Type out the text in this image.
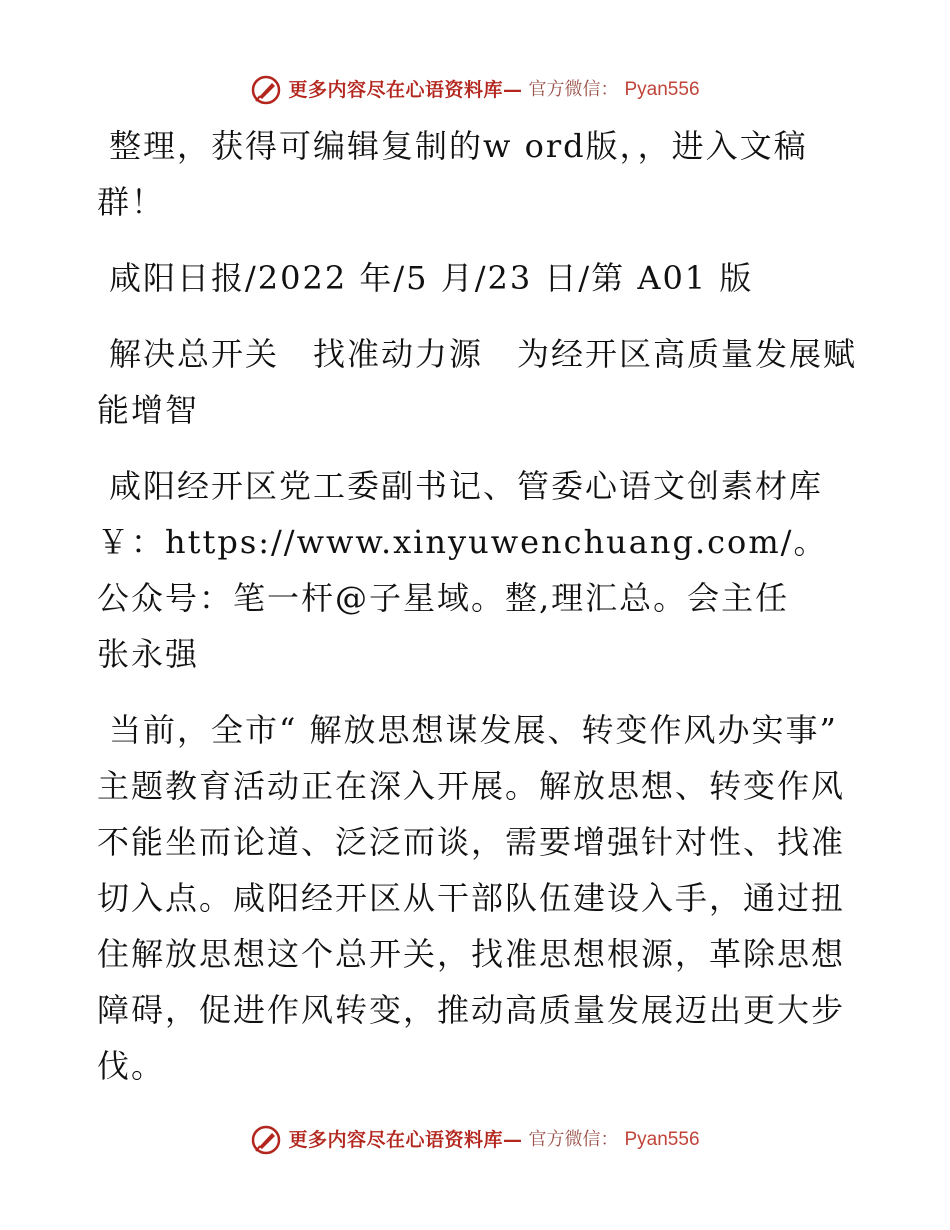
更多内容尽在心语资料库— 官方微信： Pyan556

整理，获得可编辑复制的w ord版，，进入文稿群！

咸阳日报/2022 年/5 月/23 日/第 A01 版

解决总开关　找准动力源　为经开区高质量发展赋能增智

咸阳经开区党工委副书记、管委心语文创素材库￥：https://www.xinyuwenchuang.com/。公众号：笔一杆@子星域。整,理汇总。会主任　张永强

当前，全市“ 解放思想谋发展、转变作风办实事” 主题教育活动正在深入开展。解放思想、转变作风不能坐而论道、泛泛而谈，需要增强针对性、找准切入点。咸阳经开区从干部队伍建设入手，通过扭住解放思想这个总开关，找准思想根源，革除思想障碍，促进作风转变，推动高质量发展迈出更大步伐。

更多内容尽在心语资料库— 官方微信： Pyan556
